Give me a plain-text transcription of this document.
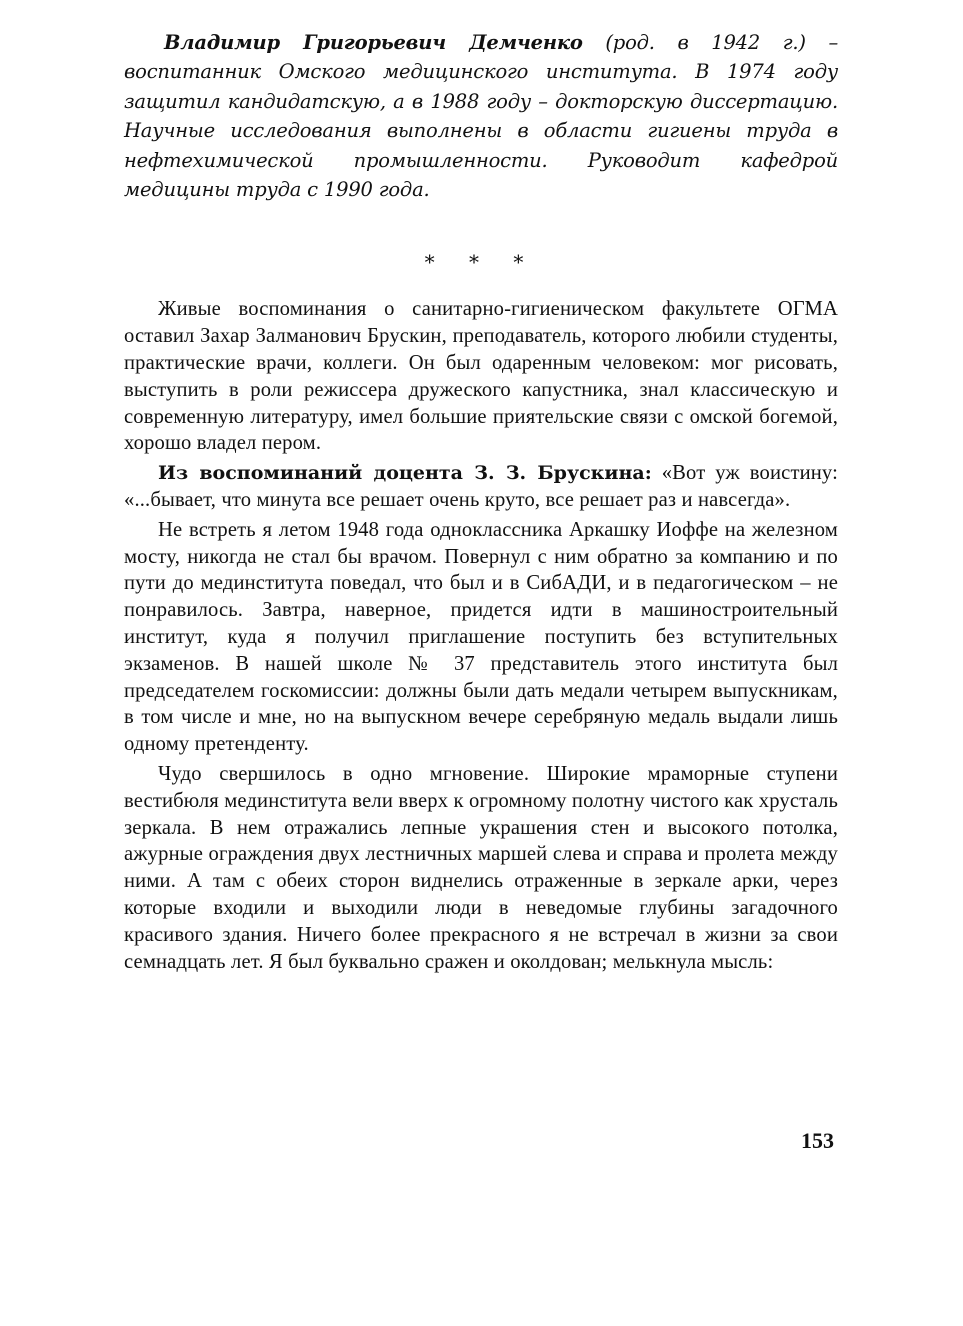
Владимир Григорьевич Демченко (род. в 1942 г.) – воспитанник Омского медицинского института. В 1974 году защитил кандидатскую, а в 1988 году – докторскую диссертацию. Научные исследования выполнены в области гигиены труда в нефтехимической промышленности. Руководит кафедрой медицины труда с 1990 года.

* * *

Живые воспоминания о санитарно-гигиеническом факультете ОГМА оставил Захар Залманович Брускин, преподаватель, которого любили студенты, практические врачи, коллеги. Он был одаренным человеком: мог рисовать, выступить в роли режиссера дружеского капустника, знал классическую и современную литературу, имел большие приятельские связи с омской богемой, хорошо владел пером.

Из воспоминаний доцента З. З. Брускина: «Вот уж воистину: «...бывает, что минута все решает очень круто, все решает раз и навсегда».

Не встреть я летом 1948 года одноклассника Аркашку Иоффе на железном мосту, никогда не стал бы врачом. Повернул с ним обратно за компанию и по пути до мединститута поведал, что был и в СибАДИ, и в педагогическом – не понравилось. Завтра, наверное, придется идти в машиностроительный институт, куда я получил приглашение поступить без вступительных экзаменов. В нашей школе № 37 представитель этого института был председателем госкомиссии: должны были дать медали четырем выпускникам, в том числе и мне, но на выпускном вечере серебряную медаль выдали лишь одному претенденту.

Чудо свершилось в одно мгновение. Широкие мраморные ступени вестибюля мединститута вели вверх к огромному полотну чистого как хрусталь зеркала. В нем отражались лепные украшения стен и высокого потолка, ажурные ограждения двух лестничных маршей слева и справа и пролета между ними. А там с обеих сторон виднелись отраженные в зеркале арки, через которые входили и выходили люди в неведомые глубины загадочного красивого здания. Ничего более прекрасного я не встречал в жизни за свои семнадцать лет. Я был буквально сражен и околдован; мелькнула мысль:

153
